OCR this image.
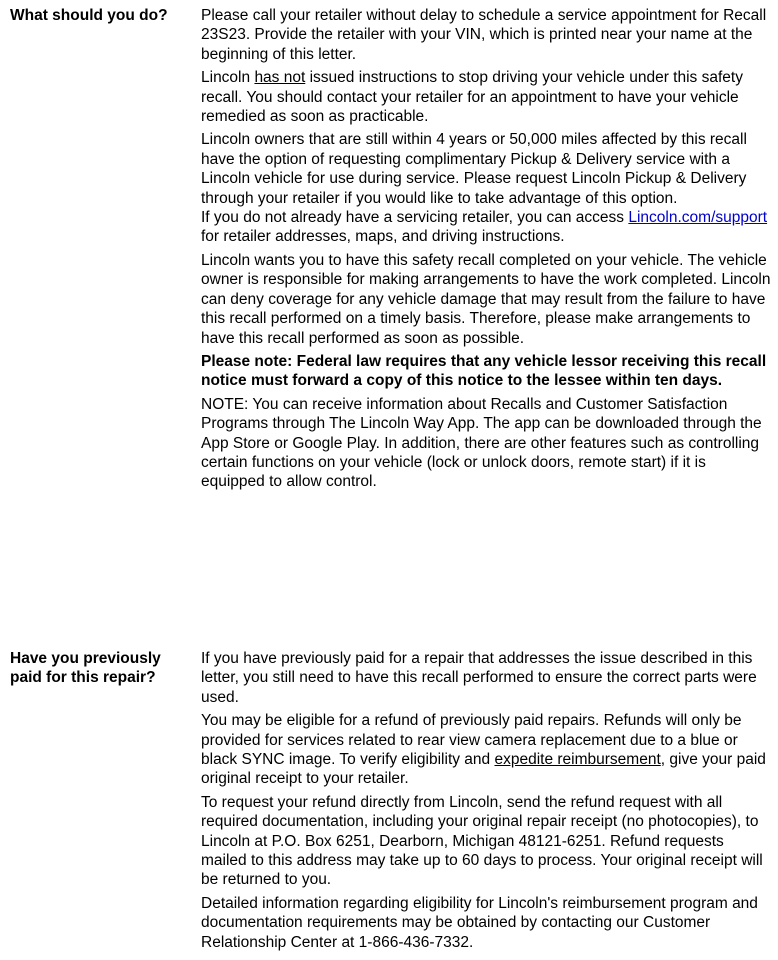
What should you do?	Please call your retailer without delay to schedule a service appointment for Recall 23S23. Provide the retailer with your VIN, which is printed near your name at the beginning of this letter.

Lincoln has not issued instructions to stop driving your vehicle under this safety recall. You should contact your retailer for an appointment to have your vehicle remedied as soon as practicable.

Lincoln owners that are still within 4 years or 50,000 miles affected by this recall have the option of requesting complimentary Pickup & Delivery service with a Lincoln vehicle for use during service. Please request Lincoln Pickup & Delivery through your retailer if you would like to take advantage of this option.

If you do not already have a servicing retailer, you can access Lincoln.com/support for retailer addresses, maps, and driving instructions.

Lincoln wants you to have this safety recall completed on your vehicle. The vehicle owner is responsible for making arrangements to have the work completed. Lincoln can deny coverage for any vehicle damage that may result from the failure to have this recall performed on a timely basis. Therefore, please make arrangements to have this recall performed as soon as possible.

Please note: Federal law requires that any vehicle lessor receiving this recall notice must forward a copy of this notice to the lessee within ten days.

NOTE: You can receive information about Recalls and Customer Satisfaction Programs through The Lincoln Way App. The app can be downloaded through the App Store or Google Play. In addition, there are other features such as controlling certain functions on your vehicle (lock or unlock doors, remote start) if it is equipped to allow control.

Have you previously paid for this repair?

If you have previously paid for a repair that addresses the issue described in this letter, you still need to have this recall performed to ensure the correct parts were used.

You may be eligible for a refund of previously paid repairs. Refunds will only be provided for services related to rear view camera replacement due to a blue or black SYNC image. To verify eligibility and expedite reimbursement, give your paid original receipt to your retailer.

To request your refund directly from Lincoln, send the refund request with all required documentation, including your original repair receipt (no photocopies), to Lincoln at P.O. Box 6251, Dearborn, Michigan 48121-6251. Refund requests mailed to this address may take up to 60 days to process. Your original receipt will be returned to you.

Detailed information regarding eligibility for Lincoln's reimbursement program and documentation requirements may be obtained by contacting our Customer Relationship Center at 1-866-436-7332.
